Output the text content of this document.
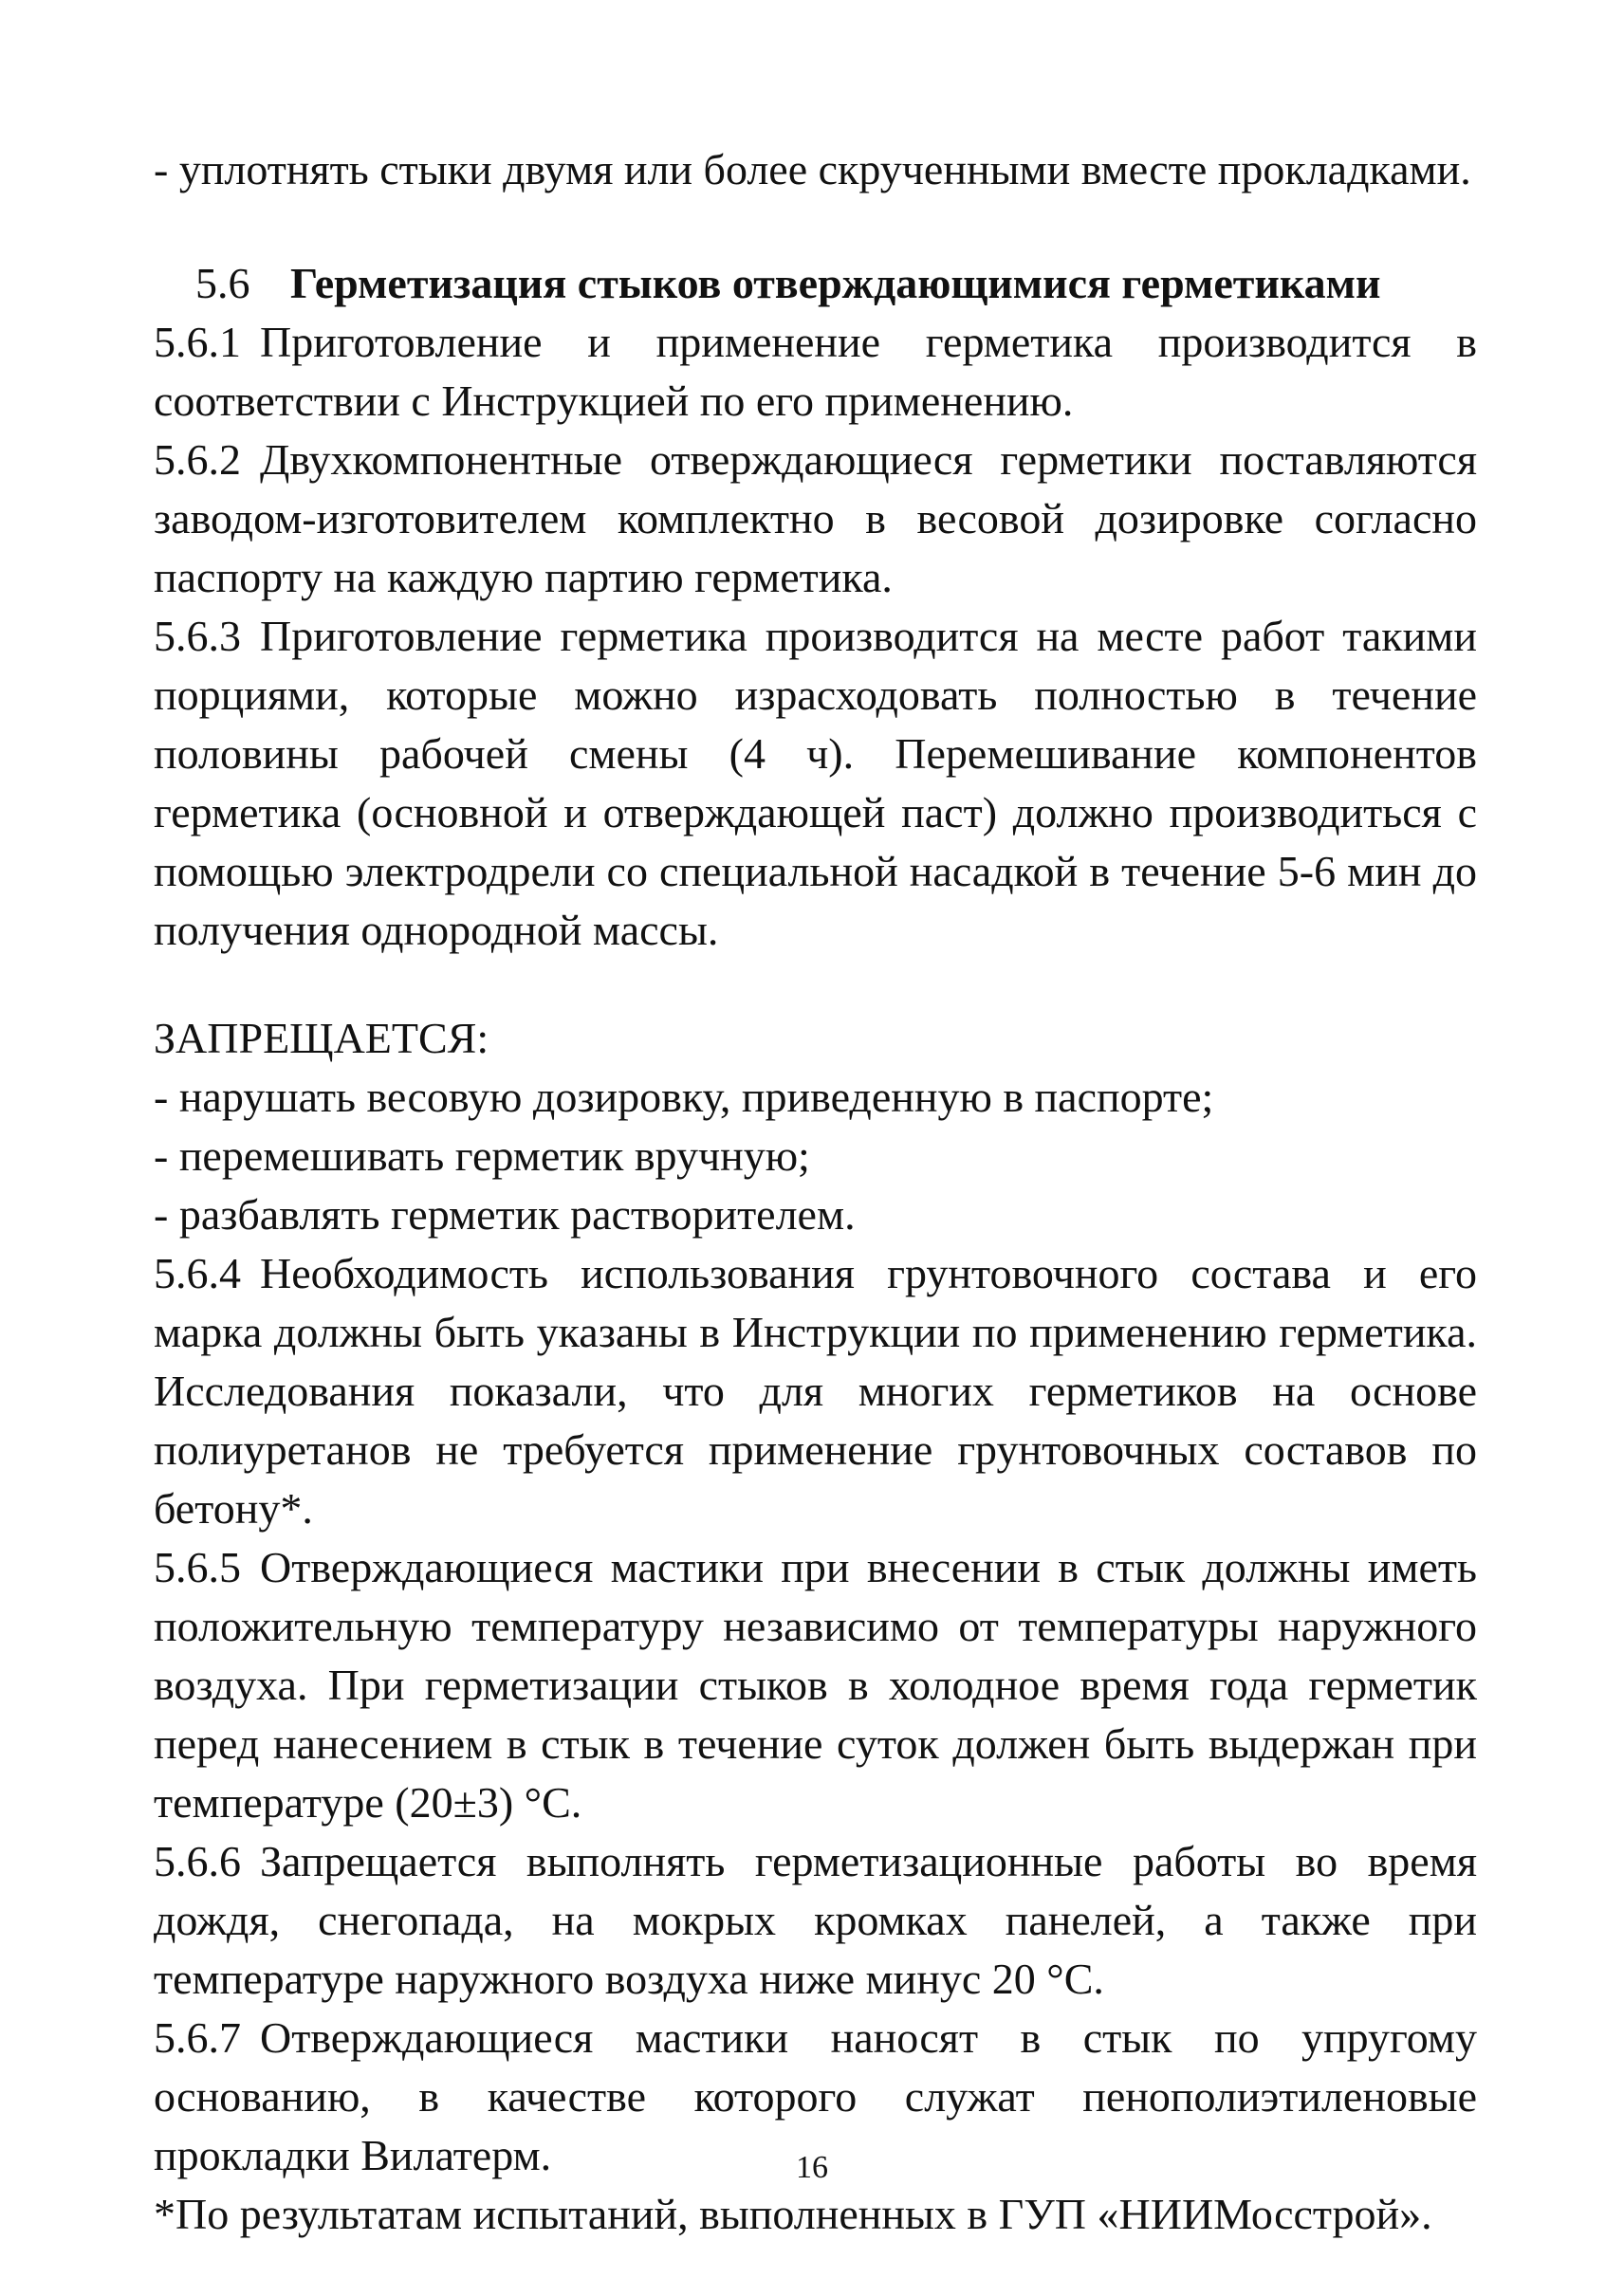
- уплотнять стыки двумя или более скрученными вместе прокладками.

5.6 Герметизация стыков отверждающимися герметиками

5.6.1 Приготовление и применение герметика производится в соответствии с Инструкцией по его применению.

5.6.2 Двухкомпонентные отверждающиеся герметики поставляются заводом-изготовителем комплектно в весовой дозировке согласно паспорту на каждую партию герметика.

5.6.3 Приготовление герметика производится на месте работ такими порциями, которые можно израсходовать полностью в течение половины рабочей смены (4 ч). Перемешивание компонентов герметика (основной и отверждающей паст) должно производиться с помощью электродрели со специальной насадкой в течение 5-6 мин до получения однородной массы.

ЗАПРЕЩАЕТСЯ:

- нарушать весовую дозировку, приведенную в паспорте;

- перемешивать герметик вручную;

- разбавлять герметик растворителем.

5.6.4 Необходимость использования грунтовочного состава и его марка должны быть указаны в Инструкции по применению герметика. Исследования показали, что для многих герметиков на основе полиуретанов не требуется применение грунтовочных составов по бетону*.

5.6.5 Отверждающиеся мастики при внесении в стык должны иметь положительную температуру независимо от температуры наружного воздуха. При герметизации стыков в холодное время года герметик перед нанесением в стык в течение суток должен быть выдержан при температуре (20±3) °С.

5.6.6 Запрещается выполнять герметизационные работы во время дождя, снегопада, на мокрых кромках панелей, а также при температуре наружного воздуха ниже минус 20 °С.

5.6.7 Отверждающиеся мастики наносят в стык по упругому основанию, в качестве которого служат пенополиэтиленовые прокладки Вилатерм.

*По результатам испытаний, выполненных в ГУП «НИИМосстрой».

16
